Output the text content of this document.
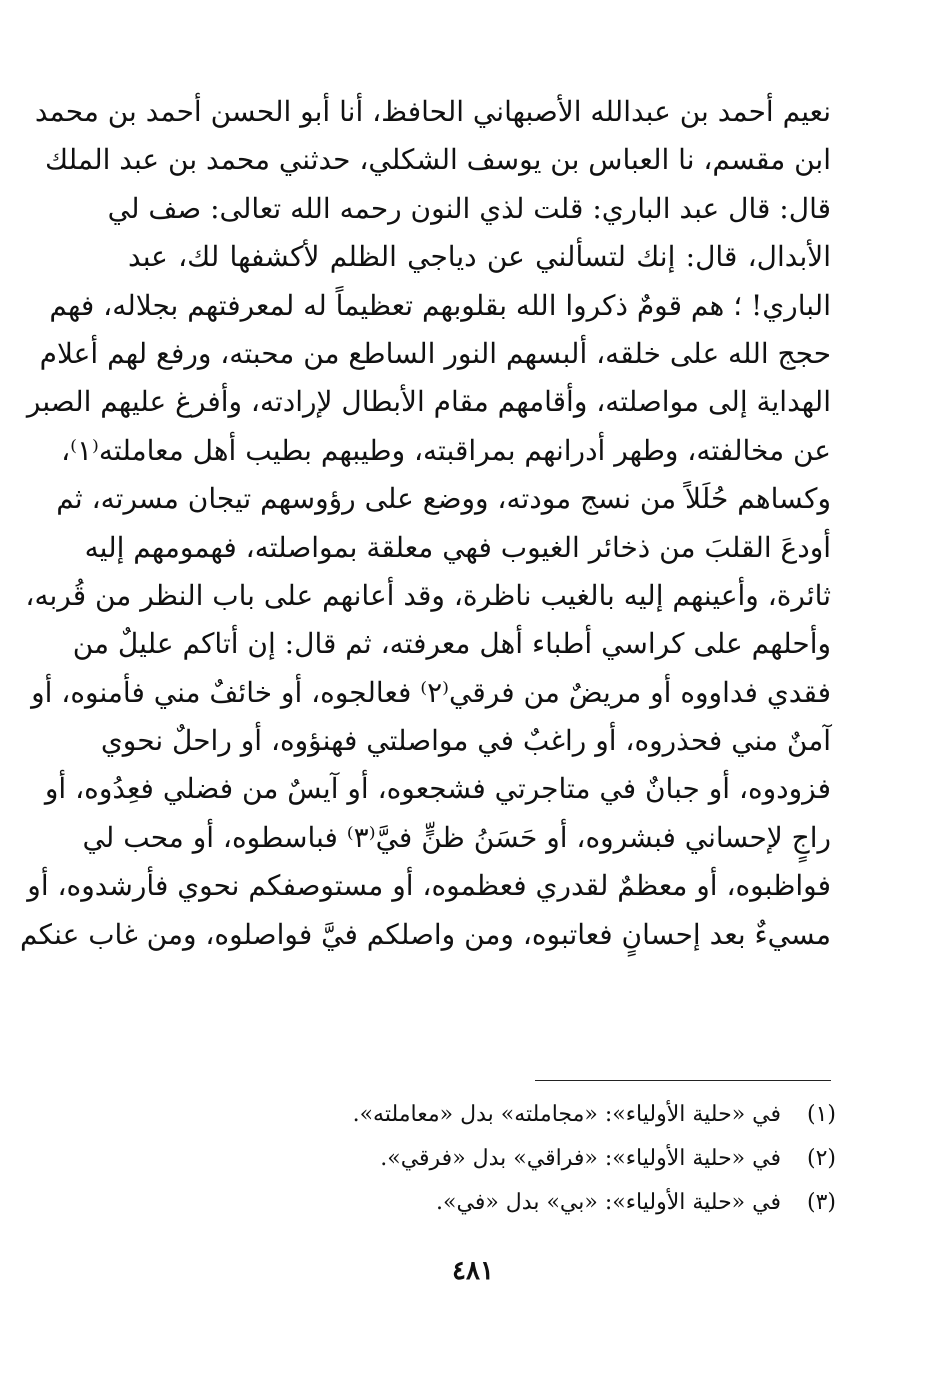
نعيم أحمد بن عبدالله الأصبهاني الحافظ، أنا أبو الحسن أحمد بن محمد
ابن مقسم، نا العباس بن يوسف الشكلي، حدثني محمد بن عبد الملك
قال: قال عبد الباري: قلت لذي النون رحمه الله تعالى: صف لي
الأبدال، قال: إنك لتسألني عن دياجي الظلم لأكشفها لك، عبد
الباري! ؛ هم قومٌ ذكروا الله بقلوبهم تعظيماً له لمعرفتهم بجلاله، فهم
حجج الله على خلقه، ألبسهم النور الساطع من محبته، ورفع لهم أعلام
الهداية إلى مواصلته، وأقامهم مقام الأبطال لإرادته، وأفرغ عليهم الصبر
عن مخالفته، وطهر أدرانهم بمراقبته، وطيبهم بطيب أهل معاملته⁽١⁾،
وكساهم حُلَلاً من نسج مودته، ووضع على رؤوسهم تيجان مسرته، ثم
أودعَ القلبَ من ذخائر الغيوب فهي معلقة بمواصلته، فهمومهم إليه
ثائرة، وأعينهم إليه بالغيب ناظرة، وقد أعانهم على باب النظر من قُربه،
وأحلهم على كراسي أطباء أهل معرفته، ثم قال: إن أتاكم عليلٌ من
فقدي فداووه أو مريضٌ من فرقي⁽٢⁾ فعالجوه، أو خائفٌ مني فأمنوه، أو
آمنٌ مني فحذروه، أو راغبٌ في مواصلتي فهنؤوه، أو راحلٌ نحوي
فزودوه، أو جبانٌ في متاجرتي فشجعوه، أو آيسٌ من فضلي فعِدُوه، أو
راجٍ لإحساني فبشروه، أو حَسَنُ ظنٍّ فيَّ⁽٣⁾ فباسطوه، أو محب لي
فواظبوه، أو معظمٌ لقدري فعظموه، أو مستوصفكم نحوي فأرشدوه، أو
مسيءٌ بعد إحسانٍ فعاتبوه، ومن واصلكم فيَّ فواصلوه، ومن غاب عنكم
(١) في «حلية الأولياء»: «مجاملته» بدل «معاملته».
(٢) في «حلية الأولياء»: «فراقي» بدل «فرقي».
(٣) في «حلية الأولياء»: «بي» بدل «في».
٤٨١
